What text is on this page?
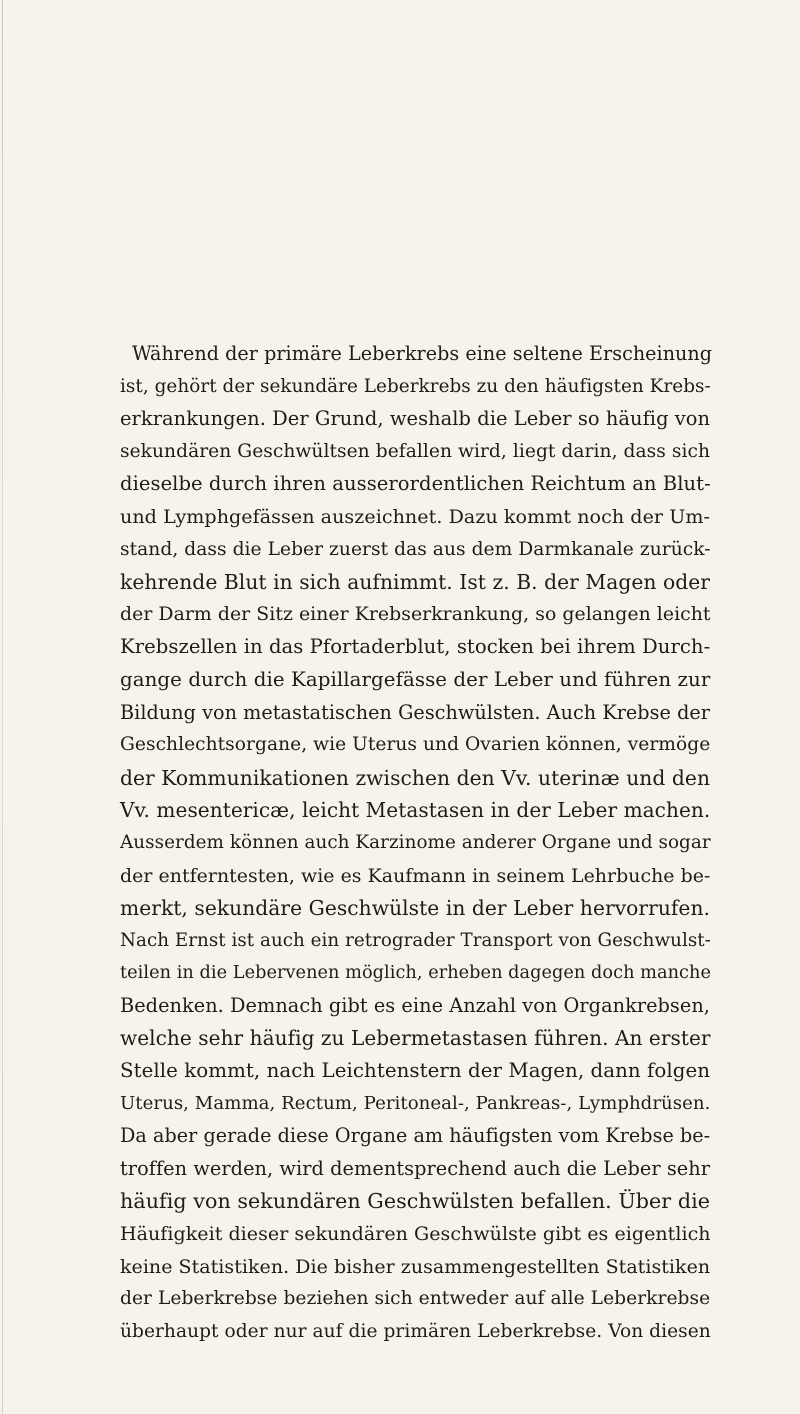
Während der primäre Leberkrebs eine seltene Erscheinung
ist, gehört der sekundäre Leberkrebs zu den häufigsten Krebs-
erkrankungen. Der Grund, weshalb die Leber so häufig von
sekundären Geschwültsen befallen wird, liegt darin, dass sich
dieselbe durch ihren ausserordentlichen Reichtum an Blut-
und Lymphgefässen auszeichnet. Dazu kommt noch der Um-
stand, dass die Leber zuerst das aus dem Darmkanale zurück-
kehrende Blut in sich aufnimmt. Ist z. B. der Magen oder
der Darm der Sitz einer Krebserkrankung, so gelangen leicht
Krebszellen in das Pfortaderblut, stocken bei ihrem Durch-
gange durch die Kapillargefässe der Leber und führen zur
Bildung von metastatischen Geschwülsten. Auch Krebse der
Geschlechtsorgane, wie Uterus und Ovarien können, vermöge
der Kommunikationen zwischen den Vv. uterinæ und den
Vv. mesentericæ, leicht Metastasen in der Leber machen.
Ausserdem können auch Karzinome anderer Organe und sogar
der entferntesten, wie es Kaufmann in seinem Lehrbuche be-
merkt, sekundäre Geschwülste in der Leber hervorrufen.
Nach Ernst ist auch ein retrograder Transport von Geschwulst-
teilen in die Lebervenen möglich, erheben dagegen doch manche
Bedenken. Demnach gibt es eine Anzahl von Organkrebsen,
welche sehr häufig zu Lebermetastasen führen. An erster
Stelle kommt, nach Leichtenstern der Magen, dann folgen
Uterus, Mamma, Rectum, Peritoneal-, Pankreas-, Lymphdrüsen.
Da aber gerade diese Organe am häufigsten vom Krebse be-
troffen werden, wird dementsprechend auch die Leber sehr
häufig von sekundären Geschwülsten befallen. Über die
Häufigkeit dieser sekundären Geschwülste gibt es eigentlich
keine Statistiken. Die bisher zusammengestellten Statistiken
der Leberkrebse beziehen sich entweder auf alle Leberkrebse
überhaupt oder nur auf die primären Leberkrebse. Von diesen
